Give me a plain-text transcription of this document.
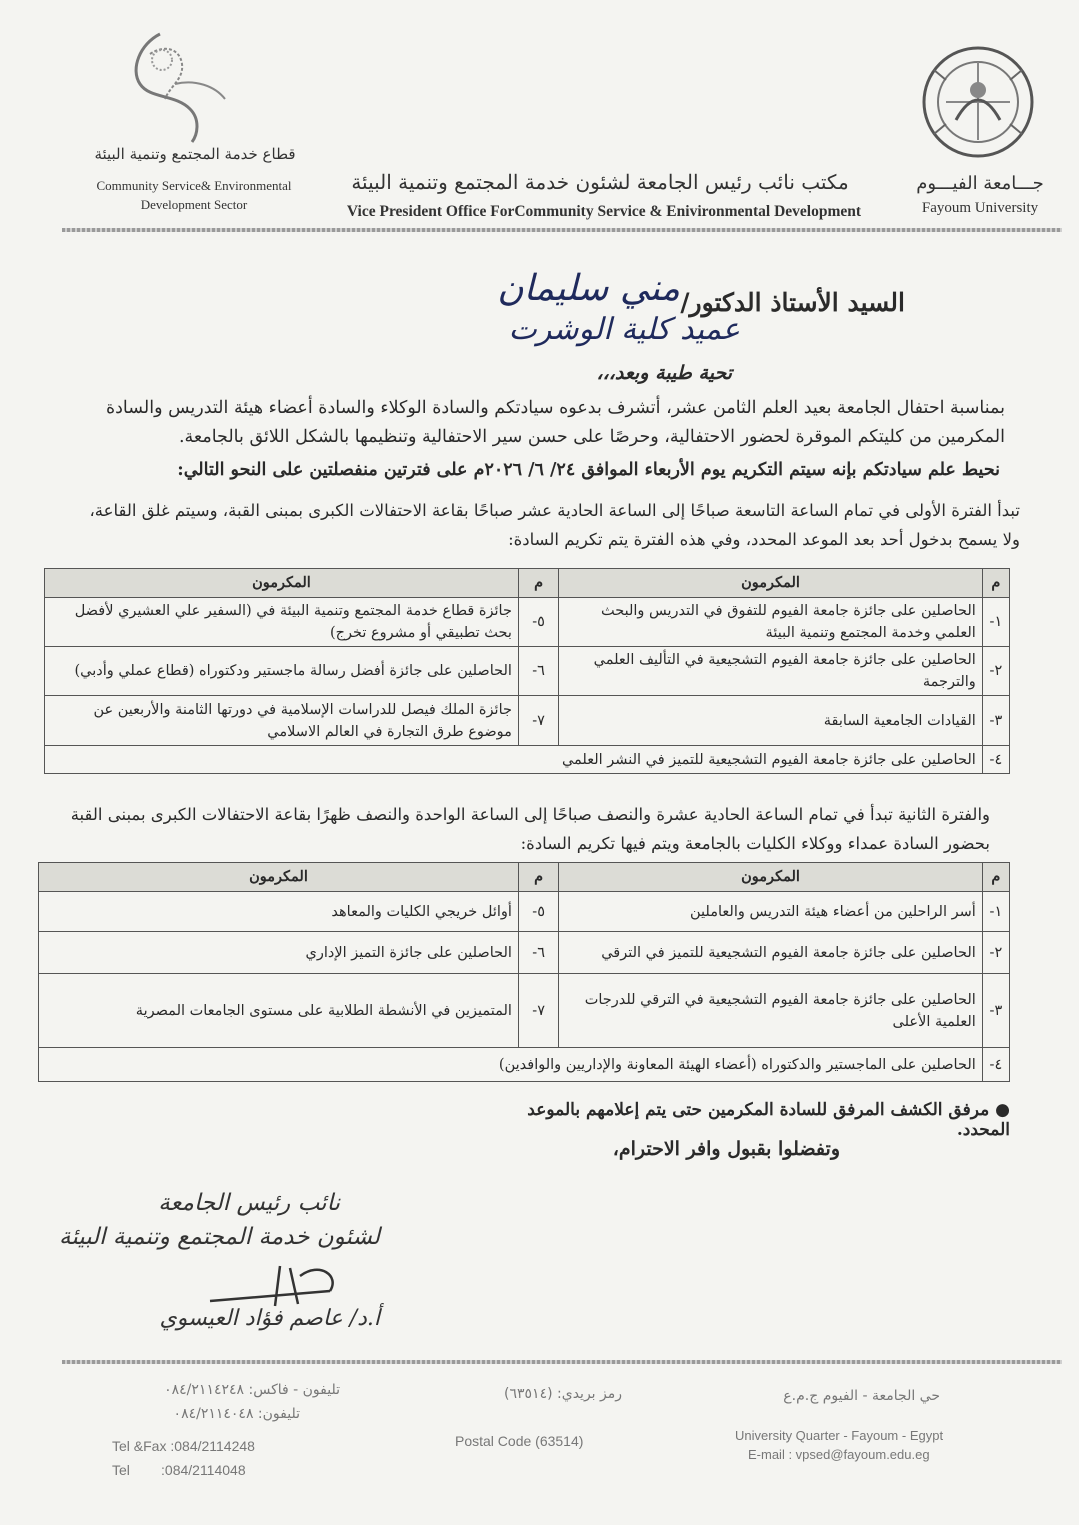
قطاع خدمة المجتمع وتنمية البيئة
Community Service& Environmental
Development Sector
مكتب نائب رئيس الجامعة لشئون خدمة المجتمع وتنمية البيئة
Vice President Office ForCommunity Service & Enivironmental Development
جـــامعة الفيـــوم
Fayoum University
السيد الأستاذ الدكتور/
مني سليمان
عميد كلية الوشرت
تحية طيبة وبعد،،،
بمناسبة احتفال الجامعة بعيد العلم الثامن عشر، أتشرف بدعوه سيادتكم والسادة الوكلاء والسادة أعضاء هيئة التدريس والسادة المكرمين من كليتكم الموقرة لحضور الاحتفالية، وحرصًا على حسن سير الاحتفالية وتنظيمها بالشكل اللائق بالجامعة.
نحيط علم سيادتكم بإنه سيتم التكريم يوم الأربعاء الموافق ٢٤/ ٦/ ٢٠٢٦م على فترتين منفصلتين على النحو التالي:
تبدأ الفترة الأولى في تمام الساعة التاسعة صباحًا إلى الساعة الحادية عشر صباحًا بقاعة الاحتفالات الكبرى بمبنى القبة، وسيتم غلق القاعة، ولا يسمح بدخول أحد بعد الموعد المحدد، وفي هذه الفترة يتم تكريم السادة:
م	المكرمون	م	المكرمون
١-	الحاصلين على جائزة جامعة الفيوم للتفوق في التدريس والبحث العلمي وخدمة المجتمع وتنمية البيئة	٥-	جائزة قطاع خدمة المجتمع وتنمية البيئة في (السفير علي العشيري لأفضل بحث تطبيقي أو مشروع تخرج)
٢-	الحاصلين على جائزة جامعة الفيوم التشجيعية في التأليف العلمي والترجمة	٦-	الحاصلين على جائزة أفضل رسالة ماجستير ودكتوراه (قطاع عملي وأدبي)
٣-	القيادات الجامعية السابقة	٧-	جائزة الملك فيصل للدراسات الإسلامية في دورتها الثامنة والأربعين عن موضوع طرق التجارة في العالم الاسلامي
٤-	الحاصلين على جائزة جامعة الفيوم التشجيعية للتميز في النشر العلمي		
والفترة الثانية تبدأ في تمام الساعة الحادية عشرة والنصف صباحًا إلى الساعة الواحدة والنصف ظهرًا بقاعة الاحتفالات الكبرى بمبنى القبة بحضور السادة عمداء ووكلاء الكليات بالجامعة ويتم فيها تكريم السادة:
م	المكرمون	م	المكرمون
١-	أسر الراحلين من أعضاء هيئة التدريس والعاملين	٥-	أوائل خريجي الكليات والمعاهد
٢-	الحاصلين على جائزة جامعة الفيوم التشجيعية للتميز في الترقي	٦-	الحاصلين على جائزة التميز الإداري
٣-	الحاصلين على جائزة جامعة الفيوم التشجيعية في الترقي للدرجات العلمية الأعلى	٧-	المتميزين في الأنشطة الطلابية على مستوى الجامعات المصرية
٤-	الحاصلين على الماجستير والدكتوراه (أعضاء الهيئة المعاونة والإداريين والوافدين)		
● مرفق الكشف المرفق للسادة المكرمين حتى يتم إعلامهم بالموعد المحدد.
وتفضلوا بقبول وافر الاحترام،
نائب رئيس الجامعة
لشئون خدمة المجتمع وتنمية البيئة
أ.د/ عاصم فؤاد العيسوي
تليفون - فاكس: ٠٨٤/٢١١٤٢٤٨
تليفون: ٠٨٤/٢١١٤٠٤٨
Tel &Fax :084/2114248
Tel        :084/2114048
رمز بريدي: (٦٣٥١٤)
Postal Code (63514)
حي الجامعة - الفيوم ج.م.ع
University Quarter - Fayoum - Egypt
E-mail : vpsed@fayoum.edu.eg
